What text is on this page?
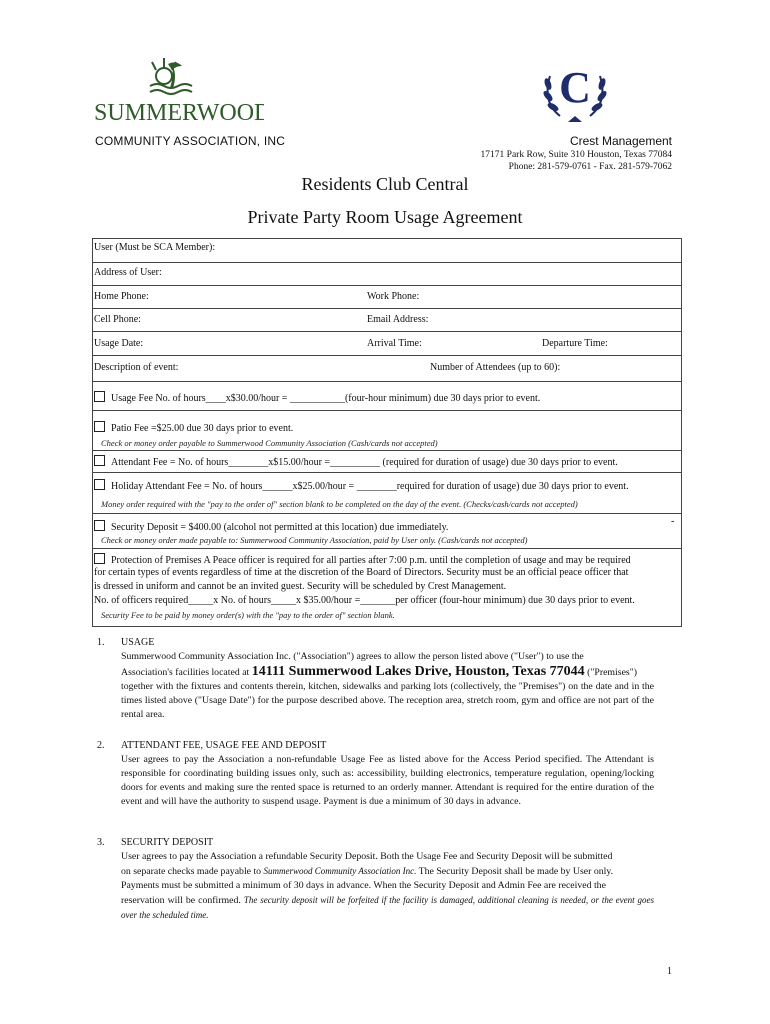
SUMMERWOOD
COMMUNITY ASSOCIATION, INC
C
Crest Management
17171 Park Row, Suite 310 Houston, Texas 77084
Phone: 281-579-0761 - Fax. 281-579-7062
Residents Club Central
Private Party Room Usage Agreement
User (Must be SCA Member):
Address of User:
Home Phone:	Work Phone:
Cell Phone:	Email Address:
Usage Date:	Arrival Time:	Departure Time:
Description of event:	Number of Attendees (up to 60):
Usage Fee No. of hours____x$30.00/hour = ___________(four-hour minimum) due 30 days prior to event.
Patio Fee =$25.00 due 30 days prior to event.
Check or money order payable to Summerwood Community Association (Cash/cards not accepted)
Attendant Fee = No. of hours________x$15.00/hour =__________ (required for duration of usage) due 30 days prior to event.
Holiday Attendant Fee = No. of hours______x$25.00/hour = ________required for duration of usage) due 30 days prior to event.
Money order required with the "pay to the order of" section blank to be completed on the day of the event. (Checks/cash/cards not accepted)
Security Deposit = $400.00 (alcohol not permitted at this location) due immediately.
-
Check or money order made payable to: Summerwood Community Association, paid by User only. (Cash/cards not accepted)
Protection of Premises A Peace officer is required for all parties after 7:00 p.m. until the completion of usage and may be required
for certain types of events regardless of time at the discretion of the Board of Directors. Security must be an official peace officer that
is dressed in uniform and cannot be an invited guest. Security will be scheduled by Crest Management.
No. of officers required_____x No. of hours_____x $35.00/hour =_______per officer (four-hour minimum) due 30 days prior to event.
Security Fee to be paid by money order(s) with the "pay to the order of" section blank.
1. USAGE
Summerwood Community Association Inc. ("Association") agrees to allow the person listed above ("User") to use the
Association's facilities located at 14111 Summerwood Lakes Drive, Houston, Texas 77044 ("Premises")
together with the fixtures and contents therein, kitchen, sidewalks and parking lots (collectively, the "Premises") on the date and in the times listed above ("Usage Date") for the purpose described above. The reception area, stretch room, gym and office are not part of the rental area.
2. ATTENDANT FEE, USAGE FEE AND DEPOSIT
User agrees to pay the Association a non-refundable Usage Fee as listed above for the Access Period specified. The Attendant is responsible for coordinating building issues only, such as: accessibility, building electronics, temperature regulation, opening/locking doors for events and making sure the rented space is returned to an orderly manner. Attendant is required for the entire duration of the event and will have the authority to suspend usage. Payment is due a minimum of 30 days in advance.
3. SECURITY DEPOSIT
User agrees to pay the Association a refundable Security Deposit. Both the Usage Fee and Security Deposit will be submitted
on separate checks made payable to Summerwood Community Association Inc. The Security Deposit shall be made by User only.
Payments must be submitted a minimum of 30 days in advance. When the Security Deposit and Admin Fee are received the
reservation will be confirmed. The security deposit will be forfeited if the facility is damaged, additional cleaning is needed, or the event goes over the scheduled time.
1
